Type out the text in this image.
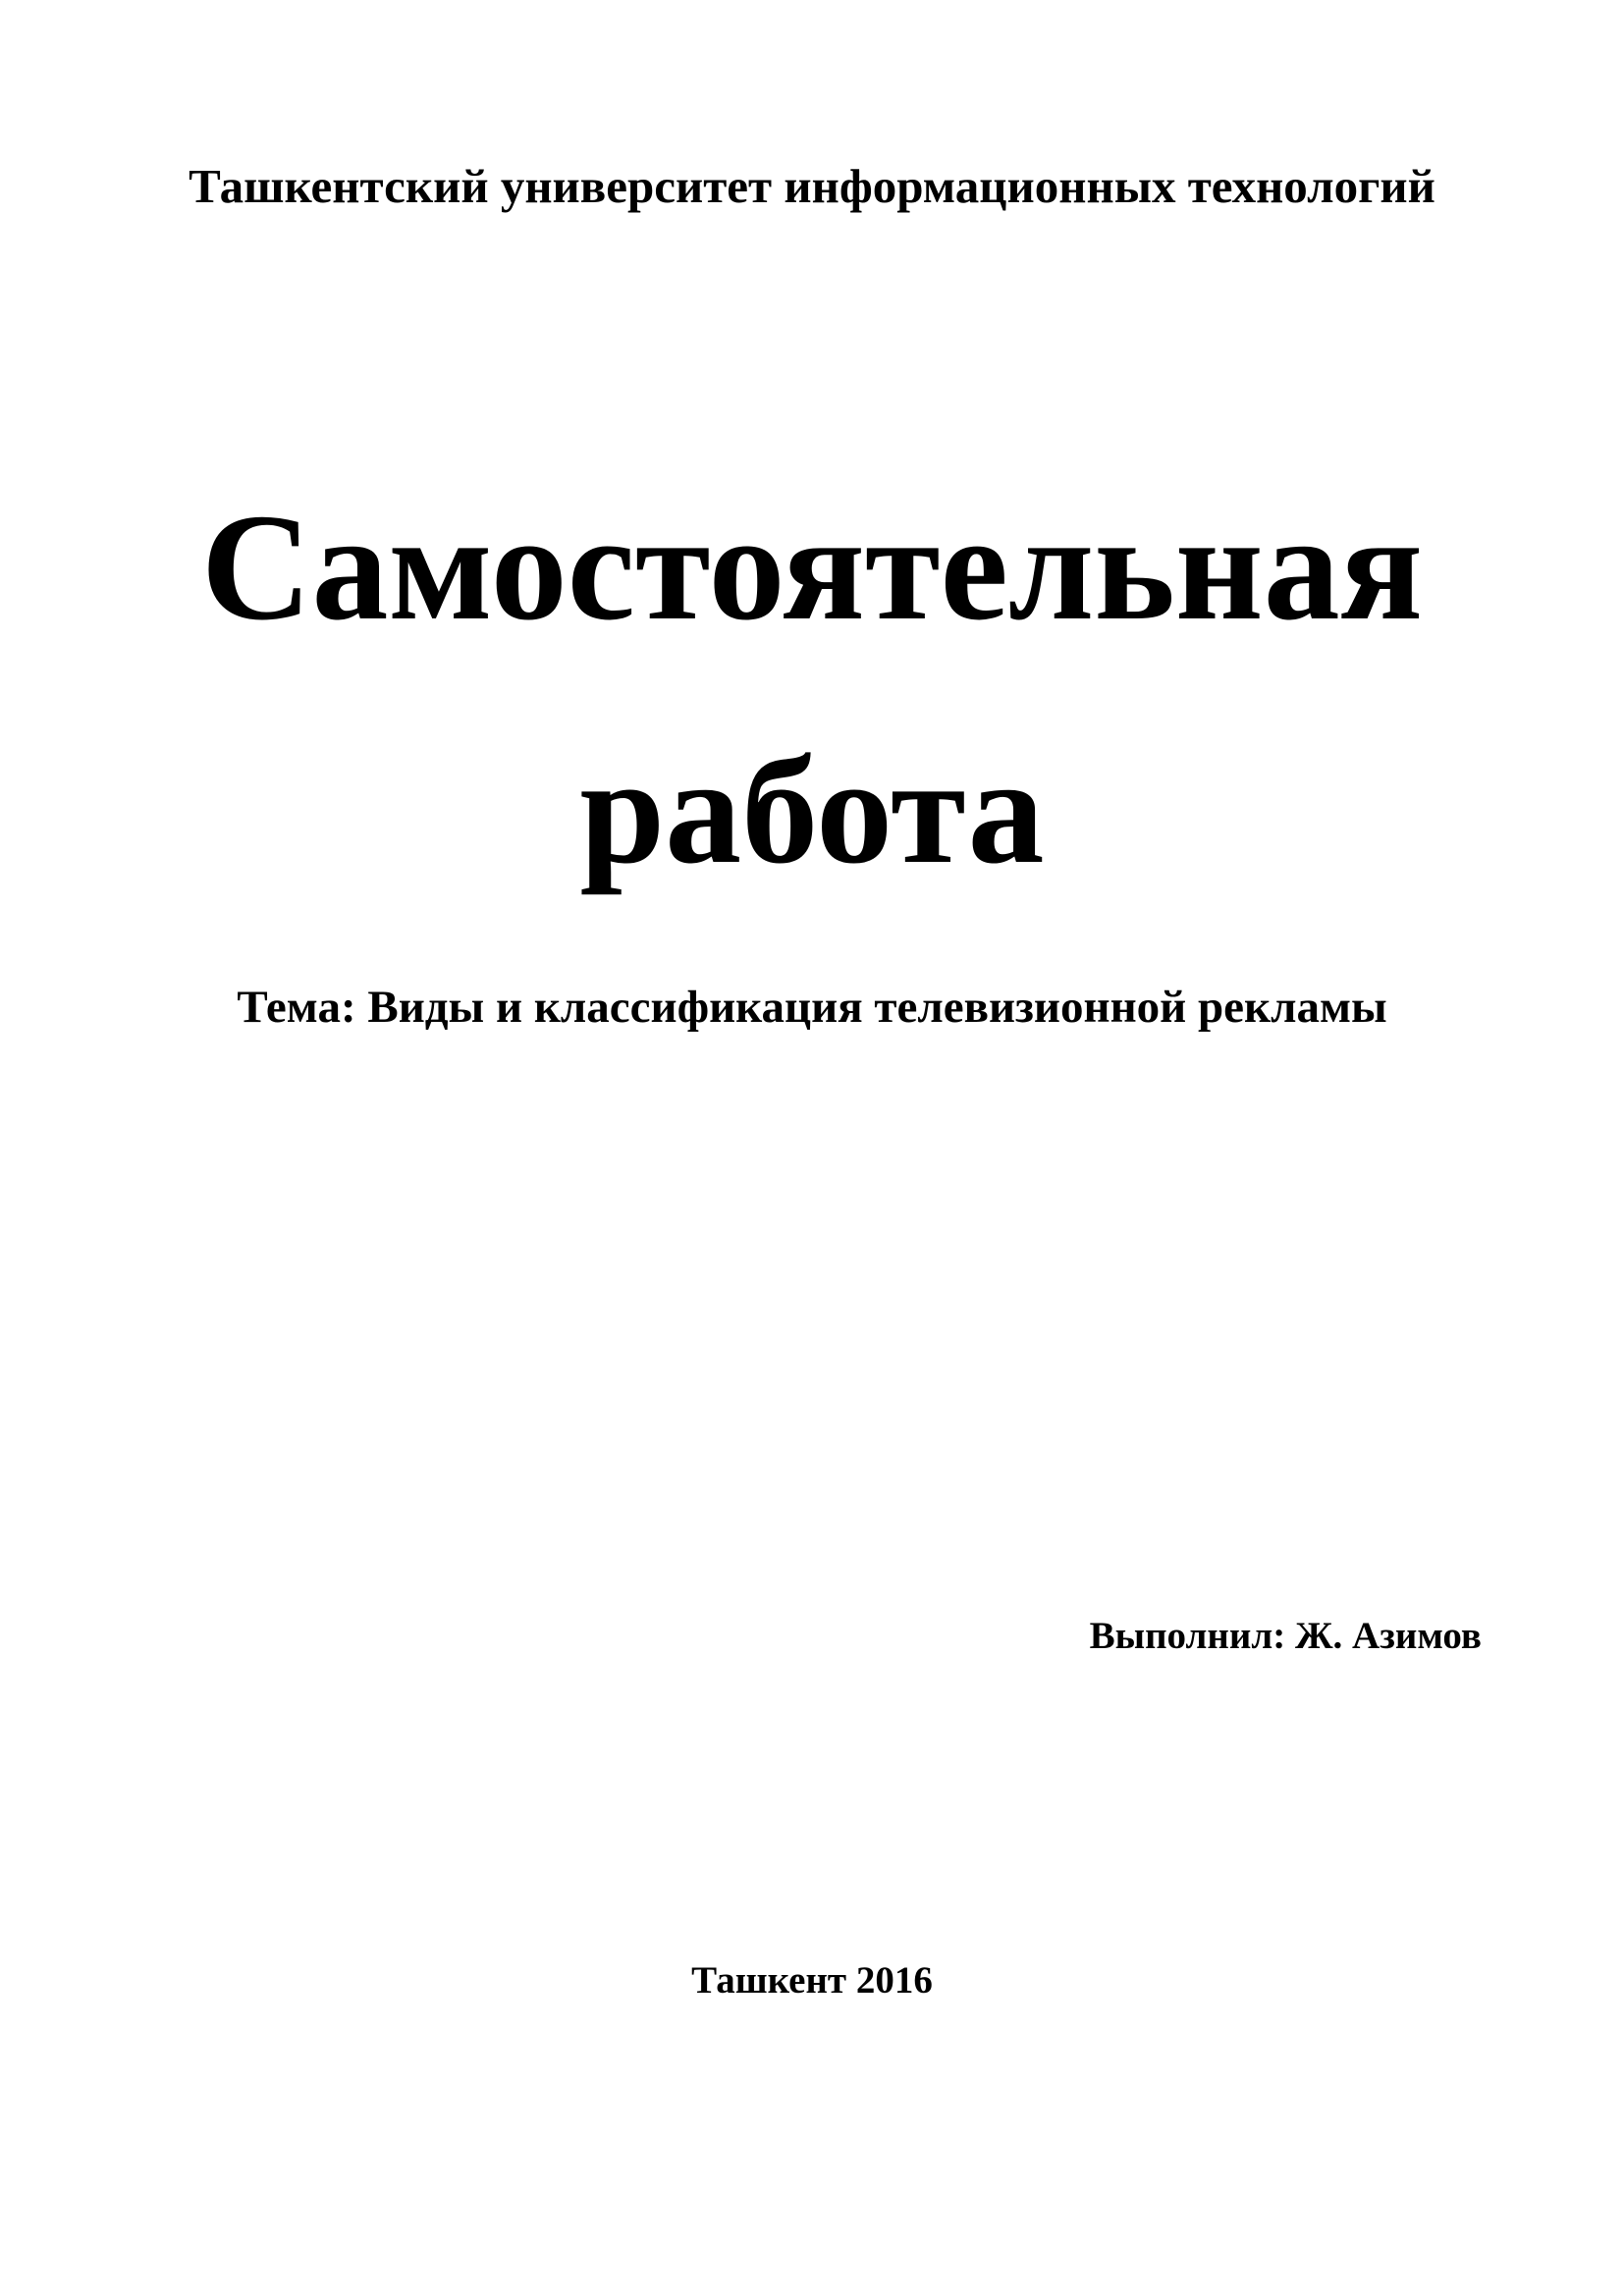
Ташкентский университет информационных технологий
Самостоятельная
работа
Тема: Виды и классификация телевизионной рекламы
Выполнил: Ж. Азимов
Ташкент 2016
